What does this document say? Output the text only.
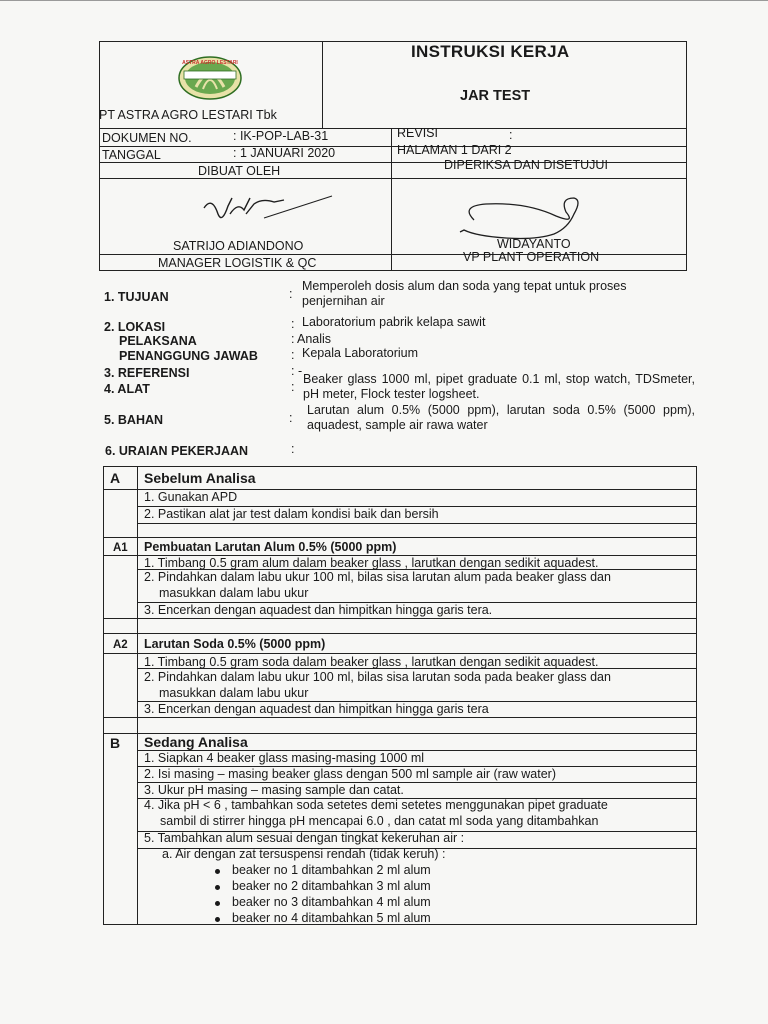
ASTRA AGRO LESTARI
PT ASTRA AGRO LESTARI Tbk
INSTRUKSI KERJA
JAR TEST
DOKUMEN NO.	: IK-POP-LAB-31
TANGGAL	: 1 JANUARI 2020
REVISI	:
HALAMAN 1 DARI 2
DIBUAT OLEH	DIPERIKSA DAN DISETUJUI
SATRIJO ADIANDONO
MANAGER LOGISTIK & QC
WIDAYANTO
VP PLANT OPERATION
1. TUJUAN	:
Memperoleh dosis alum dan soda yang tepat untuk proses penjernihan air
2. LOKASI	: Laboratorium pabrik kelapa sawit
PELAKSANA	: Analis
PENANGGUNG JAWAB	: Kepala Laboratorium
3. REFERENSI	: -
4. ALAT	:
Beaker glass 1000 ml, pipet graduate 0.1 ml, stop watch, TDSmeter, pH meter, Flock tester logsheet.
5. BAHAN	:
Larutan alum 0.5% (5000 ppm), larutan soda 0.5% (5000 ppm), aquadest, sample air rawa water
6. URAIAN PEKERJAAN	:
A Sebelum Analisa
1. Gunakan APD
2. Pastikan alat jar test dalam kondisi baik dan bersih
A1 Pembuatan Larutan Alum 0.5% (5000 ppm)
1. Timbang 0.5 gram alum dalam beaker glass , larutkan dengan sedikit aquadest.
2. Pindahkan dalam labu ukur 100 ml, bilas sisa larutan alum pada beaker glass dan
masukkan dalam labu ukur
3. Encerkan dengan aquadest dan himpitkan hingga garis tera.
A2 Larutan Soda 0.5% (5000 ppm)
1. Timbang 0.5 gram soda dalam beaker glass , larutkan dengan sedikit aquadest.
2. Pindahkan dalam labu ukur 100 ml, bilas sisa larutan soda pada beaker glass dan
masukkan dalam labu ukur
3. Encerkan dengan aquadest dan himpitkan hingga garis tera
B Sedang Analisa
1. Siapkan 4 beaker glass masing-masing 1000 ml
2. Isi masing – masing beaker glass dengan 500 ml sample air (raw water)
3. Ukur pH masing – masing sample dan catat.
4. Jika pH < 6 , tambahkan soda setetes demi setetes menggunakan pipet graduate
sambil di stirrer hingga pH mencapai 6.0 , dan catat ml soda yang ditambahkan
5. Tambahkan alum sesuai dengan tingkat kekeruhan air :
a. Air dengan zat tersuspensi rendah (tidak keruh) :
beaker no 1 ditambahkan 2 ml alum
beaker no 2 ditambahkan 3 ml alum
beaker no 3 ditambahkan 4 ml alum
beaker no 4 ditambahkan 5 ml alum
